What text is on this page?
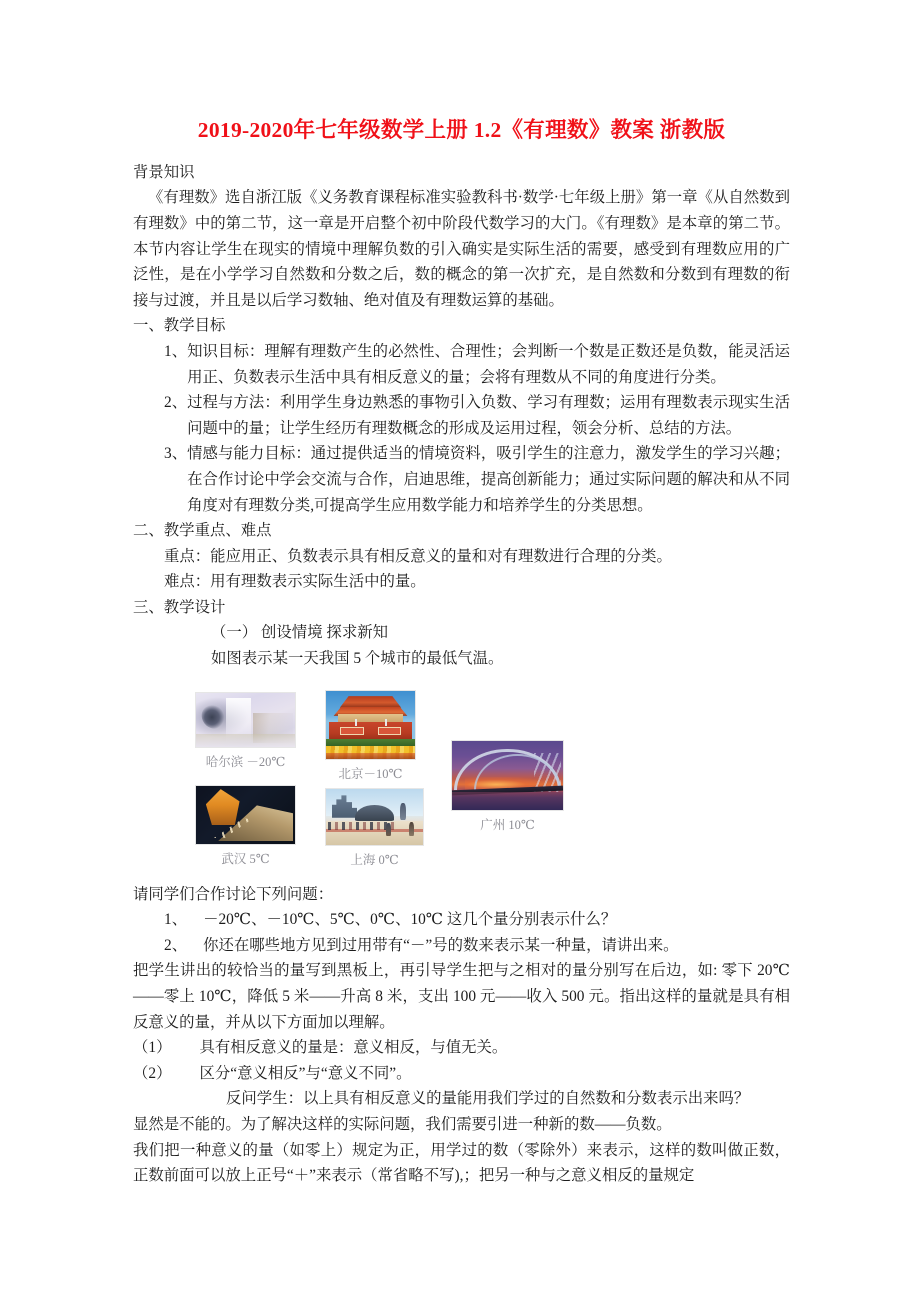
2019-2020年七年级数学上册 1.2《有理数》教案 浙教版

背景知识

《有理数》选自浙江版《义务教育课程标准实验教科书·数学·七年级上册》第一章《从自然数到有理数》中的第二节，这一章是开启整个初中阶段代数学习的大门。《有理数》是本章的第二节。本节内容让学生在现实的情境中理解负数的引入确实是实际生活的需要，感受到有理数应用的广泛性，是在小学学习自然数和分数之后，数的概念的第一次扩充，是自然数和分数到有理数的衔接与过渡，并且是以后学习数轴、绝对值及有理数运算的基础。

一、教学目标

1、 知识目标：理解有理数产生的必然性、合理性；会判断一个数是正数还是负数，能灵活运用正、负数表示生活中具有相反意义的量；会将有理数从不同的角度进行分类。
2、 过程与方法：利用学生身边熟悉的事物引入负数、学习有理数；运用有理数表示现实生活问题中的量；让学生经历有理数概念的形成及运用过程，领会分析、总结的方法。
3、 情感与能力目标：通过提供适当的情境资料，吸引学生的注意力，激发学生的学习兴趣；在合作讨论中学会交流与合作，启迪思维，提高创新能力；通过实际问题的解决和从不同角度对有理数分类,可提高学生应用数学能力和培养学生的分类思想。

二、教学重点、难点

重点：能应用正、负数表示具有相反意义的量和对有理数进行合理的分类。

难点：用有理数表示实际生活中的量。

三、教学设计

（一） 创设情境 探求新知

如图表示某一天我国 5 个城市的最低气温。

哈尔滨 －20℃
北京－10℃
广州 10℃
武汉 5℃	上海 0℃

请同学们合作讨论下列问题：

1、	－20℃、－10℃、5℃、0℃、10℃ 这几个量分别表示什么？
2、	你还在哪些地方见到过用带有“－”号的数来表示某一种量，请讲出来。

把学生讲出的较恰当的量写到黑板上，再引导学生把与之相对的量分别写在后边，如: 零下 20℃——零上 10℃，降低 5 米——升高 8 米，支出 100 元——收入 500 元。指出这样的量就是具有相反意义的量，并从以下方面加以理解。

（1）	具有相反意义的量是：意义相反，与值无关。
（2）	区分“意义相反”与“意义不同”。

反问学生：以上具有相反意义的量能用我们学过的自然数和分数表示出来吗？

显然是不能的。为了解决这样的实际问题，我们需要引进一种新的数——负数。

我们把一种意义的量（如零上）规定为正，用学过的数（零除外）来表示，这样的数叫做正数，正数前面可以放上正号“＋”来表示（常省略不写),；把另一种与之意义相反的量规定
